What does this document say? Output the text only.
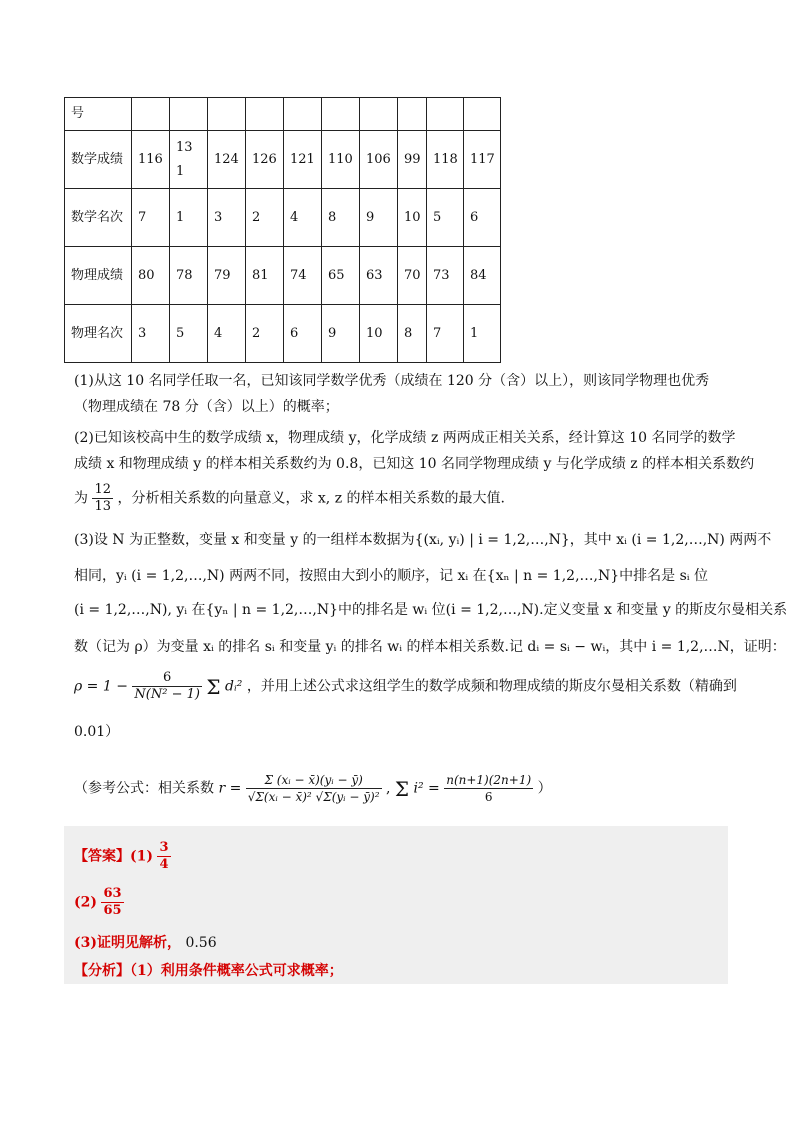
号										
数学成绩	116	131	124	126	121	110	106	99	118	117
数学名次	7	1	3	2	4	8	9	10	5	6
物理成绩	80	78	79	81	74	65	63	70	73	84
物理名次	3	5	4	2	6	9	10	8	7	1
(1)从这 10 名同学任取一名，已知该同学数学优秀（成绩在 120 分（含）以上），则该同学物理也优秀
（物理成绩在 78 分（含）以上）的概率；
(2)已知该校高中生的数学成绩 x，物理成绩 y，化学成绩 z 两两成正相关关系，经计算这 10 名同学的数学
成绩 x 和物理成绩 y 的样本相关系数约为 0.8，已知这 10 名同学物理成绩 y 与化学成绩 z 的样本相关系数约
为 $\frac{12}{13}$ ，分析相关系数的向量意义，求 x, z 的样本相关系数的最大值.
(3)设 N 为正整数，变量 x 和变量 y 的一组样本数据为{(xᵢ, yᵢ) | i = 1,2,…,N}，其中 xᵢ (i = 1,2,…,N) 两两不
相同，yᵢ (i = 1,2,…,N) 两两不同，按照由大到小的顺序，记 xᵢ 在{xₙ | n = 1,2,…,N}中排名是 sᵢ 位
(i = 1,2,…,N), yᵢ 在{yₙ | n = 1,2,…,N}中的排名是 wᵢ 位(i = 1,2,…,N).定义变量 x 和变量 y 的斯皮尔曼相关系
数（记为 ρ）为变量 xᵢ 的排名 sᵢ 和变量 yᵢ 的排名 wᵢ 的样本相关系数.记 dᵢ = sᵢ − wᵢ，其中 i = 1,2,…N，证明：
$\rho = 1 - \frac{6}{\text{N(N² − 1)}}$ Σ dᵢ² ，并用上述公式求这组学生的数学成频和物理成绩的斯皮尔曼相关系数（精确到
0.01）
（参考公式：相关系数 $r = \frac{\text{Σ (xᵢ − x̄)(yᵢ − ȳ)}}{\text{√Σ(xᵢ − x̄)² √Σ(yᵢ − ȳ)²}}$ , Σ $i^2 = \frac{n(n+1)(2n+1)}{6}$ ）
【答案】$(1) \frac{3}{4}$
$(2) \frac{63}{65}$
(3)证明见解析， 0.56
【分析】（1）利用条件概率公式可求概率；
